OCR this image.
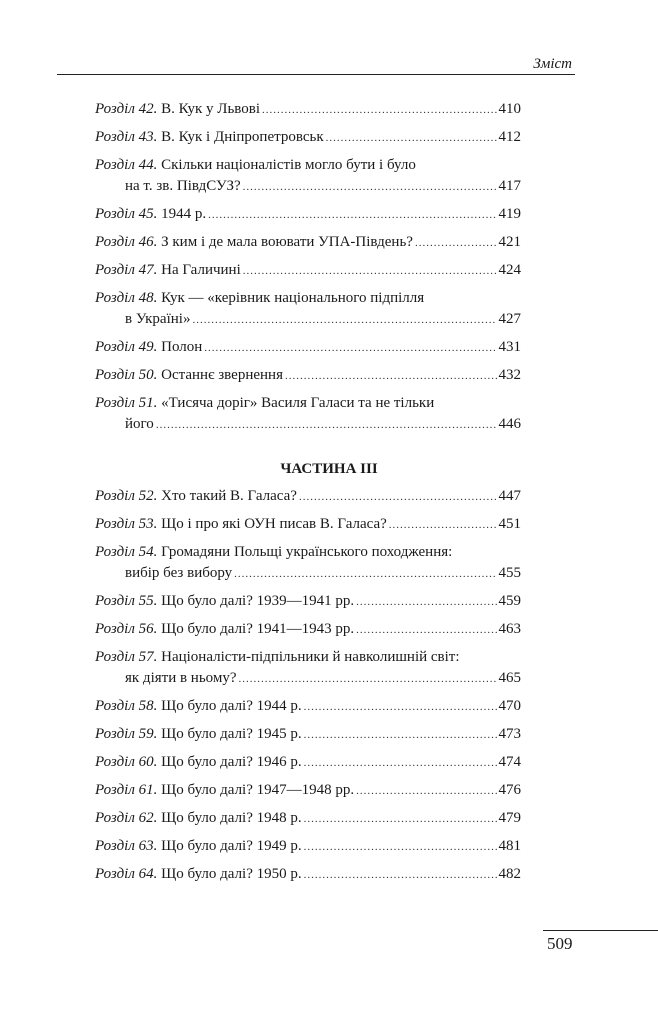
Зміст
Розділ 42.
В. Кук у Львові .....	410
Розділ 43.
В. Кук і Дніпропетровськ .....	412
Розділ 44.
Скільки націоналістів могло бути і було
на т. зв. ПівдСУЗ? .....	417
Розділ 45.
1944 р. .....	419
Розділ 46.
З ким і де мала воювати УПА-Південь? .....	421
Розділ 47.
На Галичині .....	424
Розділ 48.
Кук — «керівник національного підпілля
в Україні» .....	427
Розділ 49.
Полон .....	431
Розділ 50.
Останнє звернення .....	432
Розділ 51.
«Тисяча доріг» Василя Галаси та не тільки
його .....	446
ЧАСТИНА ІІІ
Розділ 52.
Хто такий В. Галаса? .....	447
Розділ 53.
Що і про які ОУН писав В. Галаса? .....	451
Розділ 54.
Громадяни Польщі українського походження:
вибір без вибору .....	455
Розділ 55.
Що було далі? 1939—1941 рр. .....	459
Розділ 56.
Що було далі? 1941—1943 рр. .....	463
Розділ 57.
Націоналісти-підпільники й навколишній світ:
як діяти в ньому? .....	465
Розділ 58.
Що було далі? 1944 р. .....	470
Розділ 59.
Що було далі? 1945 р. .....	473
Розділ 60.
Що було далі? 1946 р. .....	474
Розділ 61.
Що було далі? 1947—1948 рр. .....	476
Розділ 62.
Що було далі? 1948 р. .....	479
Розділ 63.
Що було далі? 1949 р. .....	481
Розділ 64.
Що було далі? 1950 р. .....	482
509
